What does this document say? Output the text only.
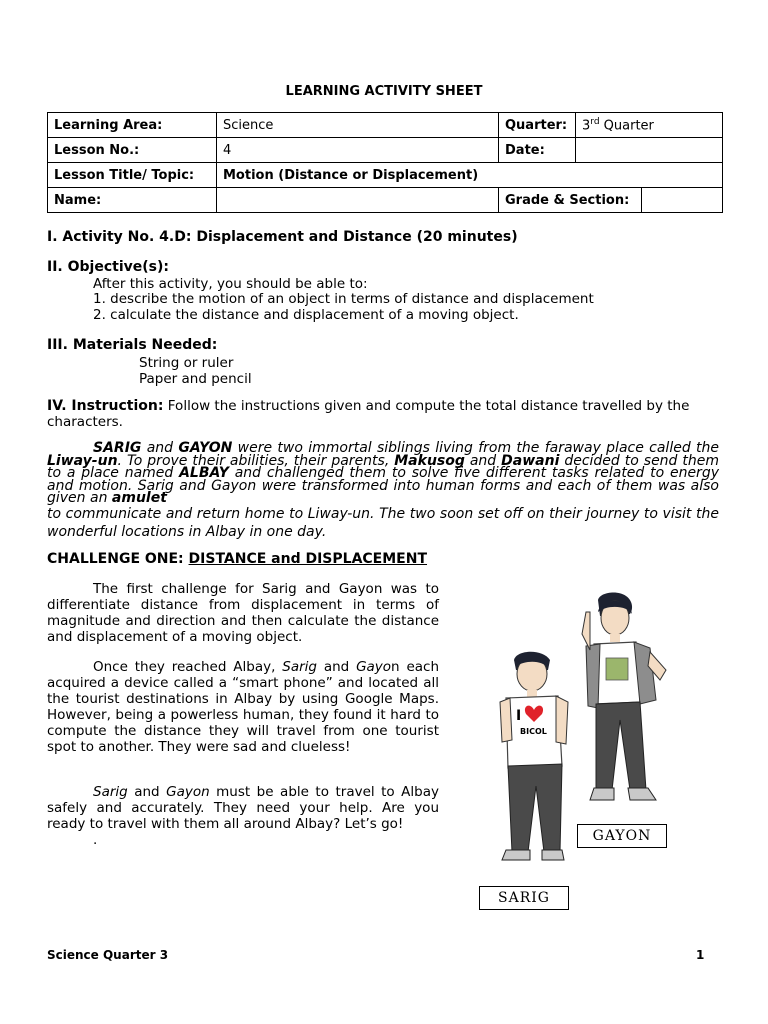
LEARNING ACTIVITY SHEET
Learning Area:	Science	Quarter:	3rd Quarter	
Lesson No.:	4	Date:		
Lesson Title/ Topic:	Motion (Distance or Displacement)			
Name:		Grade & Section:		
I. Activity No. 4.D: Displacement and Distance (20 minutes)
II. Objective(s):
After this activity, you should be able to:
1. describe the motion of an object in terms of distance and displacement
2. calculate the distance and displacement of a moving object.
III. Materials Needed:
String or ruler
Paper and pencil
IV. Instruction: Follow the instructions given and compute the total distance travelled by the characters.
SARIG and GAYON were two immortal siblings living from the faraway place called the Liway-un. To prove their abilities, their parents, Makusog and Dawani decided to send them to a place named ALBAY and challenged them to solve five different tasks related to energy and motion. Sarig and Gayon were transformed into human forms and each of them was also given an amulet
to communicate and return home to Liway-un. The two soon set off on their journey to visit the wonderful locations in Albay in one day.
CHALLENGE ONE: DISTANCE and DISPLACEMENT
The first challenge for Sarig and Gayon was to differentiate distance from displacement in terms of magnitude and direction and then calculate the distance and displacement of a moving object.
Once they reached Albay, Sarig and Gayon each acquired a device called a “smart phone” and located all the tourist destinations in Albay by using Google Maps. However, being a powerless human, they found it hard to compute the distance they will travel from one tourist spot to another. They were sad and clueless!
Sarig and Gayon must be able to travel to Albay safely and accurately. They need your help. Are you ready to travel with them all around Albay? Let’s go!
.
I
BICOL
GAYON
SARIG
Science Quarter 3	1
